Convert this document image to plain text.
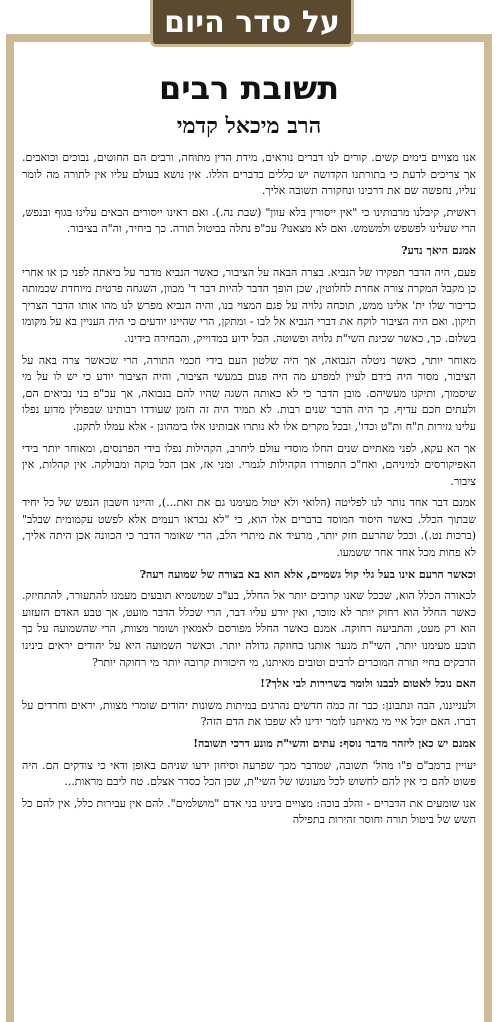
על סדר היום
תשובת רבים
הרב מיכאל קדמי

אנו מצויים בימים קשים. קורים לנו דברים נוראים, מידת הדין מתוחה, ורבים הם החוטים, נבוכים וכואבים. אך צריכים לדעת כי בתורתנו הקדושה יש כללים בדברים הללו. אין נושא בעולם עליו אין לתורה מה לומר עליו, נחפשה שם את דרכינו ונחקורה תשובה אליך.

ראשית, קיבלנו מרבותינו כי "אין ייסורין בלא עוון" (שבת נה.). ואם ראינו ייסורים הבאים עלינו בגוף ובנפש, הרי שעלינו לפשפש ולמשמש. ואם לא מצאנו? עכ"פ נתלה בביטול תורה. כך ביחיד, וה"ה בציבור.

אמנם היאך נדע?

פעם, היה הדבר תפקידו של הנביא. בצרה הבאה על הציבור, כאשר הנביא מדבר על ביאתה לפני כן או אחרי כן מקבל המקרה צורה אחרת לחלוטין, שכן הופך הדבר להיות דבר ד' מכוון, השגחה פרטית מיוחדת שכמותה כדיבור שלו ית' אלינו ממש, תוכחה גלויה על פגם המצוי בנו, והיה הנביא מפרש לנו מהו אותו הדבר הצריך תיקון. ואם היה הציבור לוקח את דברי הנביא אל לבו - ומתקן, הרי שהיינו יודעים כי היה העניין בא על מקומו בשלום. כך, כאשר שכינת השי"ת גלויה ופשוטה. הכל ידוע במדוייק, והבחירה בידינו.

מאוחר יותר, כאשר ניטלה הנבואה, אך היה שלטון העם בידי חכמי התורה, הרי שכאשר צרה באה על הציבור, מסור היה בידם לעיין למפרע מה היה פגום במעשי הציבור, והיה הציבור יודע כי יש לו על מי שיסמוך, ותיקנו מעשיהם. מובן הדבר כי לא כאותה השגה שהיו להם בנבואה, אך עכ"פ בני נביאים הם, ולעתים חכם עדיף. כך היה הדבר שנים רבות. לא תמיד היה זה הזמן שעודדו רבותינו שבפולין מדוע נפלו עלינו גזירות ת"ח ות"ט וכדו', ובכל מקרים אלו לא נותרו אבותינו אלו בימהונן - אלא עמלו לתקנן.

אך הא עקא, לפני מאתיים שנים החלו מוסדי עולם ליחרב, הקהילות נפלו בידי הפרנסים, ומאוחר יותר בידי האפיקורסים למיניהם, ואח"כ התפוררו הקהילות לגמרי. ומני אז, אבן הכל בוקה ומבולקה. אין קהלות, אין ציבור.

אמנם דבר אחד נותר לנו לפליטה (הלואי ולא יטול מעימנו גם את זאת...), והיינו חשבון הנפש של כל יחיד שבתוך הכלל. כאשר היסוד המוסד בדברים אלו הוא, כי "לא נבראו רעמים אלא לפשט עקמומית שבלב" (ברכות נט.). וככל שהרעם חזק יותר, מרעיד את מיתרי הלב, הרי שאומר הדבר כי הכוונה אכן היתה אליך, לא פחות מכל אחד אחר ששמעו.

וכאשר הרעם אינו בעל גלי קול גשמיים, אלא הוא בא בצורה של שמועה רעה?

לכאורה הכלל הוא, שככל שאנו קרובים יותר אל החלל, בע"כ שמשמיא תובעים מעמנו להתעורר, להתחיזק. כאשר החלל הוא רחוק יותר לא מוכר, ואין יודע עליו דבר, הרי שכלל הדבר מועט, אך טבע האדם הזעזוע הוא רק מעט, והתביעה רחוקה. אמנם כאשר החלל מפורסם לאמאין ושומר מצוות, הרי שהשמועה על כך תובע מעימנו יותר, השי"ת מנער אותנו בחוזקה גדולה יותר. וכאשר השמועה היא על יהודים יראים בינינו הדבקים בחיי תורה המוכרים לרבים וטובים מאיתנו, מי היכורות קרובה יותר מי רחוקה יותר?

האם נוכל לאטום לבבנו ולומר בשרירות לבי אלך?!

ולענייננו, הבה ונתבונן: כבר זה כמה חדשים נהרגים במיתות משונות יהודים שומרי מצוות, יראים וחרדים על דברו. האם יוכל איי מי מאיתנו לומר ידינו לא שפכו את הדם הזה?

אמנם יש כאן ליזהר מדבר נוסף: עתים והשי"ת מונע דרכי תשובה!

יעויין ברמב"ם פ"ו מהל' תשובה, שמדבר מכך שפרעה וסיחון ידעו שניהם באופן ודאי כי צודקים הם. היה פשוט להם כי אין להם לחשוש לכל מעונשו של השי"ת, שכן הכל כסדר אצלם. טח ליבם מראות...

אנו שומעים את הדברים - והלב בוכה: מצויים בינינו בני אדם "מושלמים". להם אין עבירות כלל, אין להם כל חשש של ביטול תורה וחוסר זהירות בתפילה
